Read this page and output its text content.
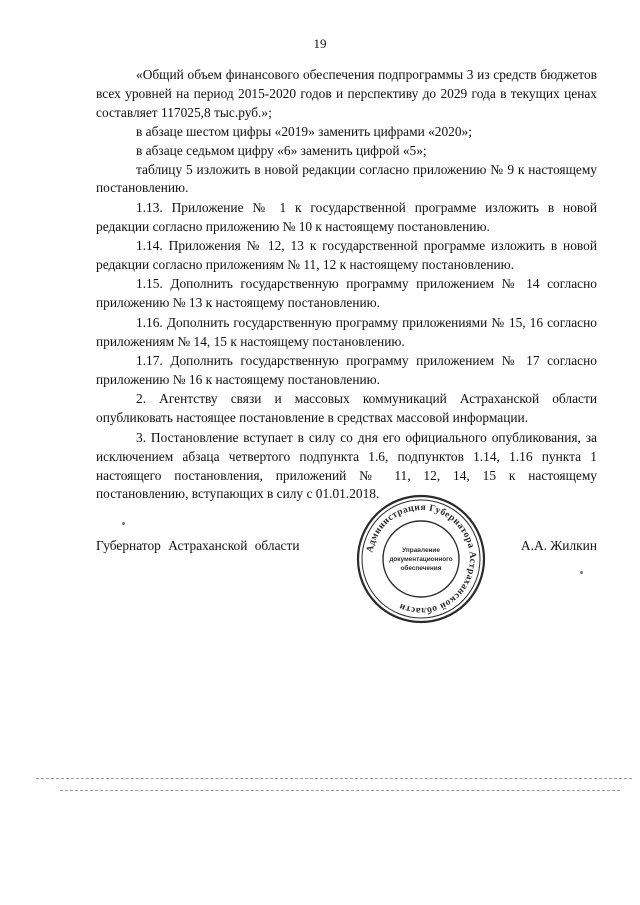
19

«Общий объем финансового обеспечения подпрограммы 3 из средств бюджетов всех уровней на период 2015-2020 годов и перспективу до 2029 года в текущих ценах составляет 117025,8 тыс.руб.»;

в абзаце шестом цифры «2019» заменить цифрами «2020»;

в абзаце седьмом цифру «6» заменить цифрой «5»;

таблицу 5 изложить в новой редакции согласно приложению № 9 к настоящему постановлению.

1.13. Приложение № 1 к государственной программе изложить в новой редакции согласно приложению № 10 к настоящему постановлению.

1.14. Приложения № 12, 13 к государственной программе изложить в новой редакции согласно приложениям № 11, 12 к настоящему постановлению.

1.15. Дополнить государственную программу приложением № 14 согласно приложению № 13 к настоящему постановлению.

1.16. Дополнить государственную программу приложениями № 15, 16 согласно приложениям № 14, 15 к настоящему постановлению.

1.17. Дополнить государственную программу приложением № 17 согласно приложению № 16 к настоящему постановлению.

2. Агентству связи и массовых коммуникаций Астраханской области опубликовать настоящее постановление в средствах массовой информации.

3. Постановление вступает в силу со дня его официального опубликования, за исключением абзаца четвертого подпункта 1.6, подпунктов 1.14, 1.16 пункта 1 настоящего постановления, приложений № 11, 12, 14, 15 к настоящему постановлению, вступающих в силу с 01.01.2018.

Губернатор Астраханской области	А.А. Жилкин
Администрация Губернатора Астраханской области
Управление
документационного
обеспечения
